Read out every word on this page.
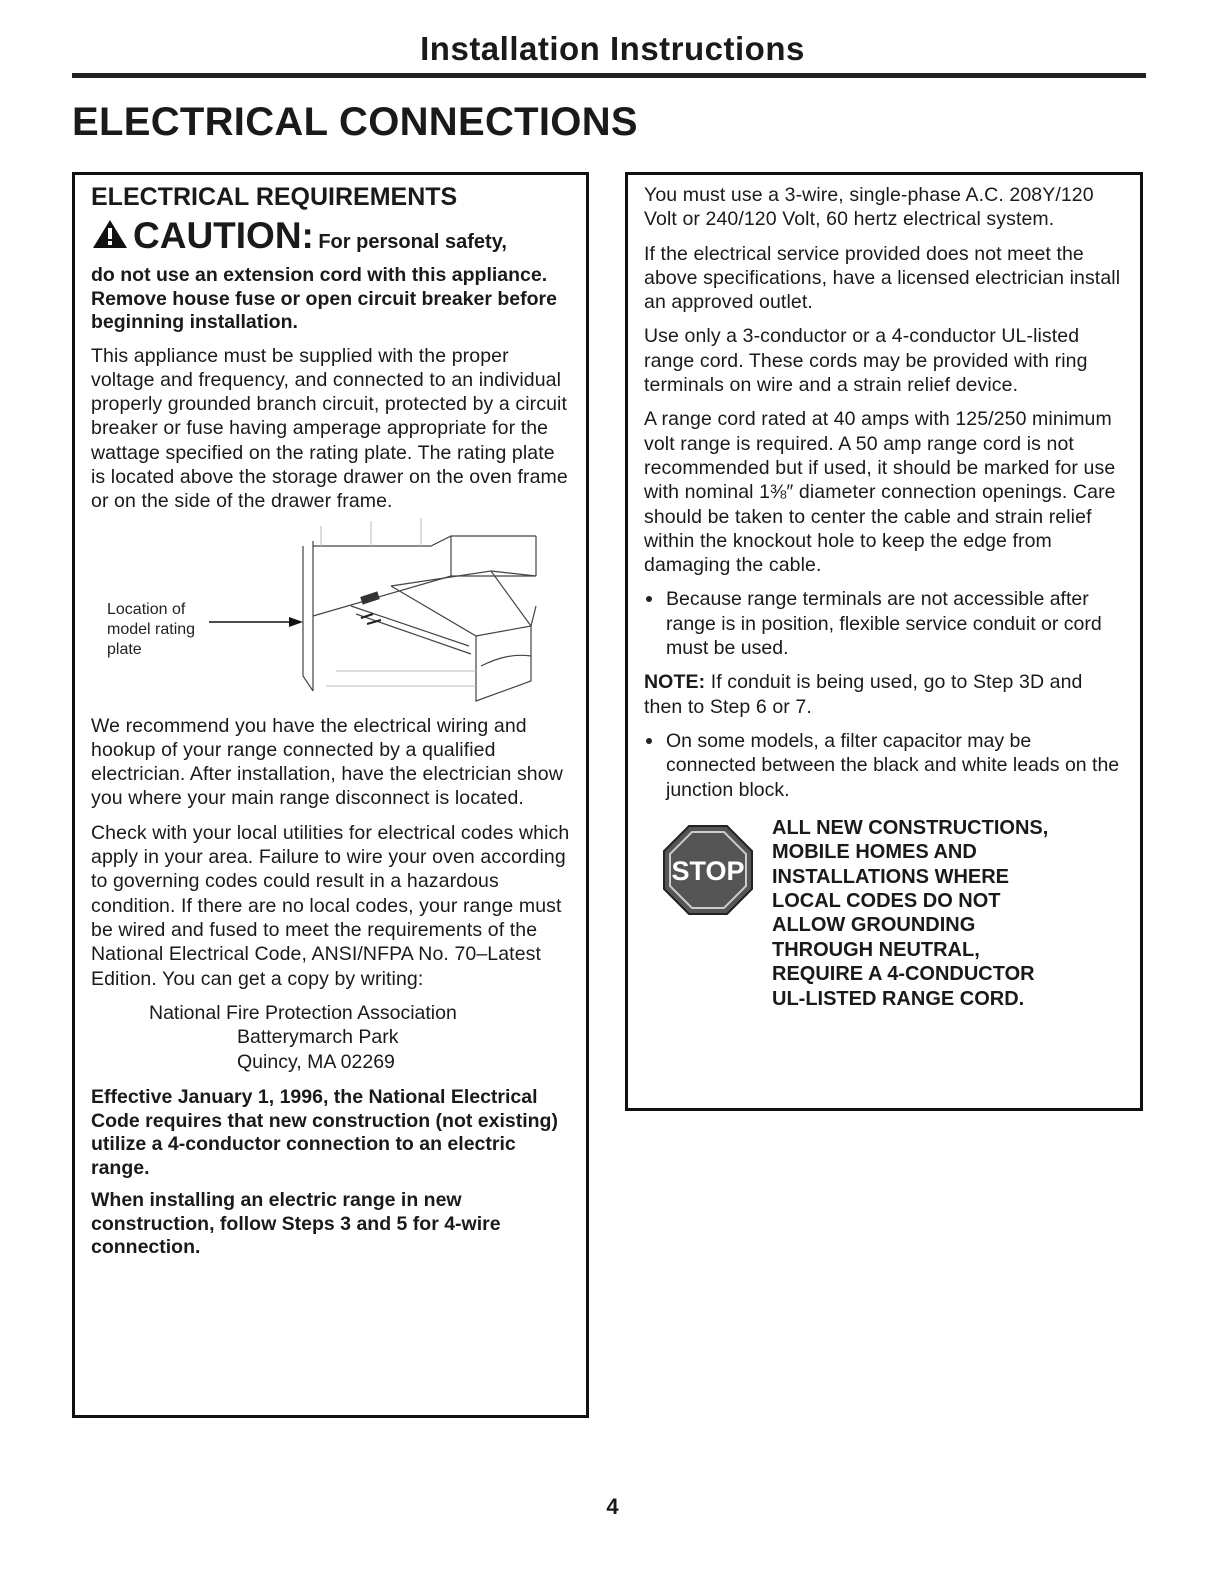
Installation Instructions
ELECTRICAL CONNECTIONS
ELECTRICAL REQUIREMENTS
CAUTION: For personal safety,

do not use an extension cord with this appliance. Remove house fuse or open circuit breaker before beginning installation.

This appliance must be supplied with the proper voltage and frequency, and connected to an individual properly grounded branch circuit, protected by a circuit breaker or fuse having amperage appropriate for the wattage specified on the rating plate. The rating plate is located above the storage drawer on the oven frame or on the side of the drawer frame.

Location of
model rating
plate

We recommend you have the electrical wiring and hookup of your range connected by a qualified electrician. After installation, have the electrician show you where your main range disconnect is located.

Check with your local utilities for electrical codes which apply in your area. Failure to wire your oven according to governing codes could result in a hazardous condition. If there are no local codes, your range must be wired and fused to meet the requirements of the National Electrical Code, ANSI/NFPA No. 70–Latest Edition. You can get a copy by writing:

National Fire Protection Association
Batterymarch Park
Quincy, MA 02269

Effective January 1, 1996, the National Electrical Code requires that new construction (not existing) utilize a 4-conductor connection to an electric range.

When installing an electric range in new construction, follow Steps 3 and 5 for 4-wire connection.

You must use a 3-wire, single-phase A.C. 208Y/120 Volt or 240/120 Volt, 60 hertz electrical system.

If the electrical service provided does not meet the above specifications, have a licensed electrician install an approved outlet.

Use only a 3-conductor or a 4-conductor UL-listed range cord. These cords may be provided with ring terminals on wire and a strain relief device.

A range cord rated at 40 amps with 125/250 minimum volt range is required. A 50 amp range cord is not recommended but if used, it should be marked for use with nominal 1⅜″ diameter connection openings. Care should be taken to center the cable and strain relief within the knockout hole to keep the edge from damaging the cable.

Because range terminals are not accessible after range is in position, flexible service conduit or cord must be used.

NOTE: If conduit is being used, go to Step 3D and then to Step 6 or 7.

On some models, a filter capacitor may be connected between the black and white leads on the junction block.
STOP
ALL NEW CONSTRUCTIONS,
MOBILE HOMES AND
INSTALLATIONS WHERE
LOCAL CODES DO NOT
ALLOW GROUNDING
THROUGH NEUTRAL,
REQUIRE A 4-CONDUCTOR
UL-LISTED RANGE CORD.
4
